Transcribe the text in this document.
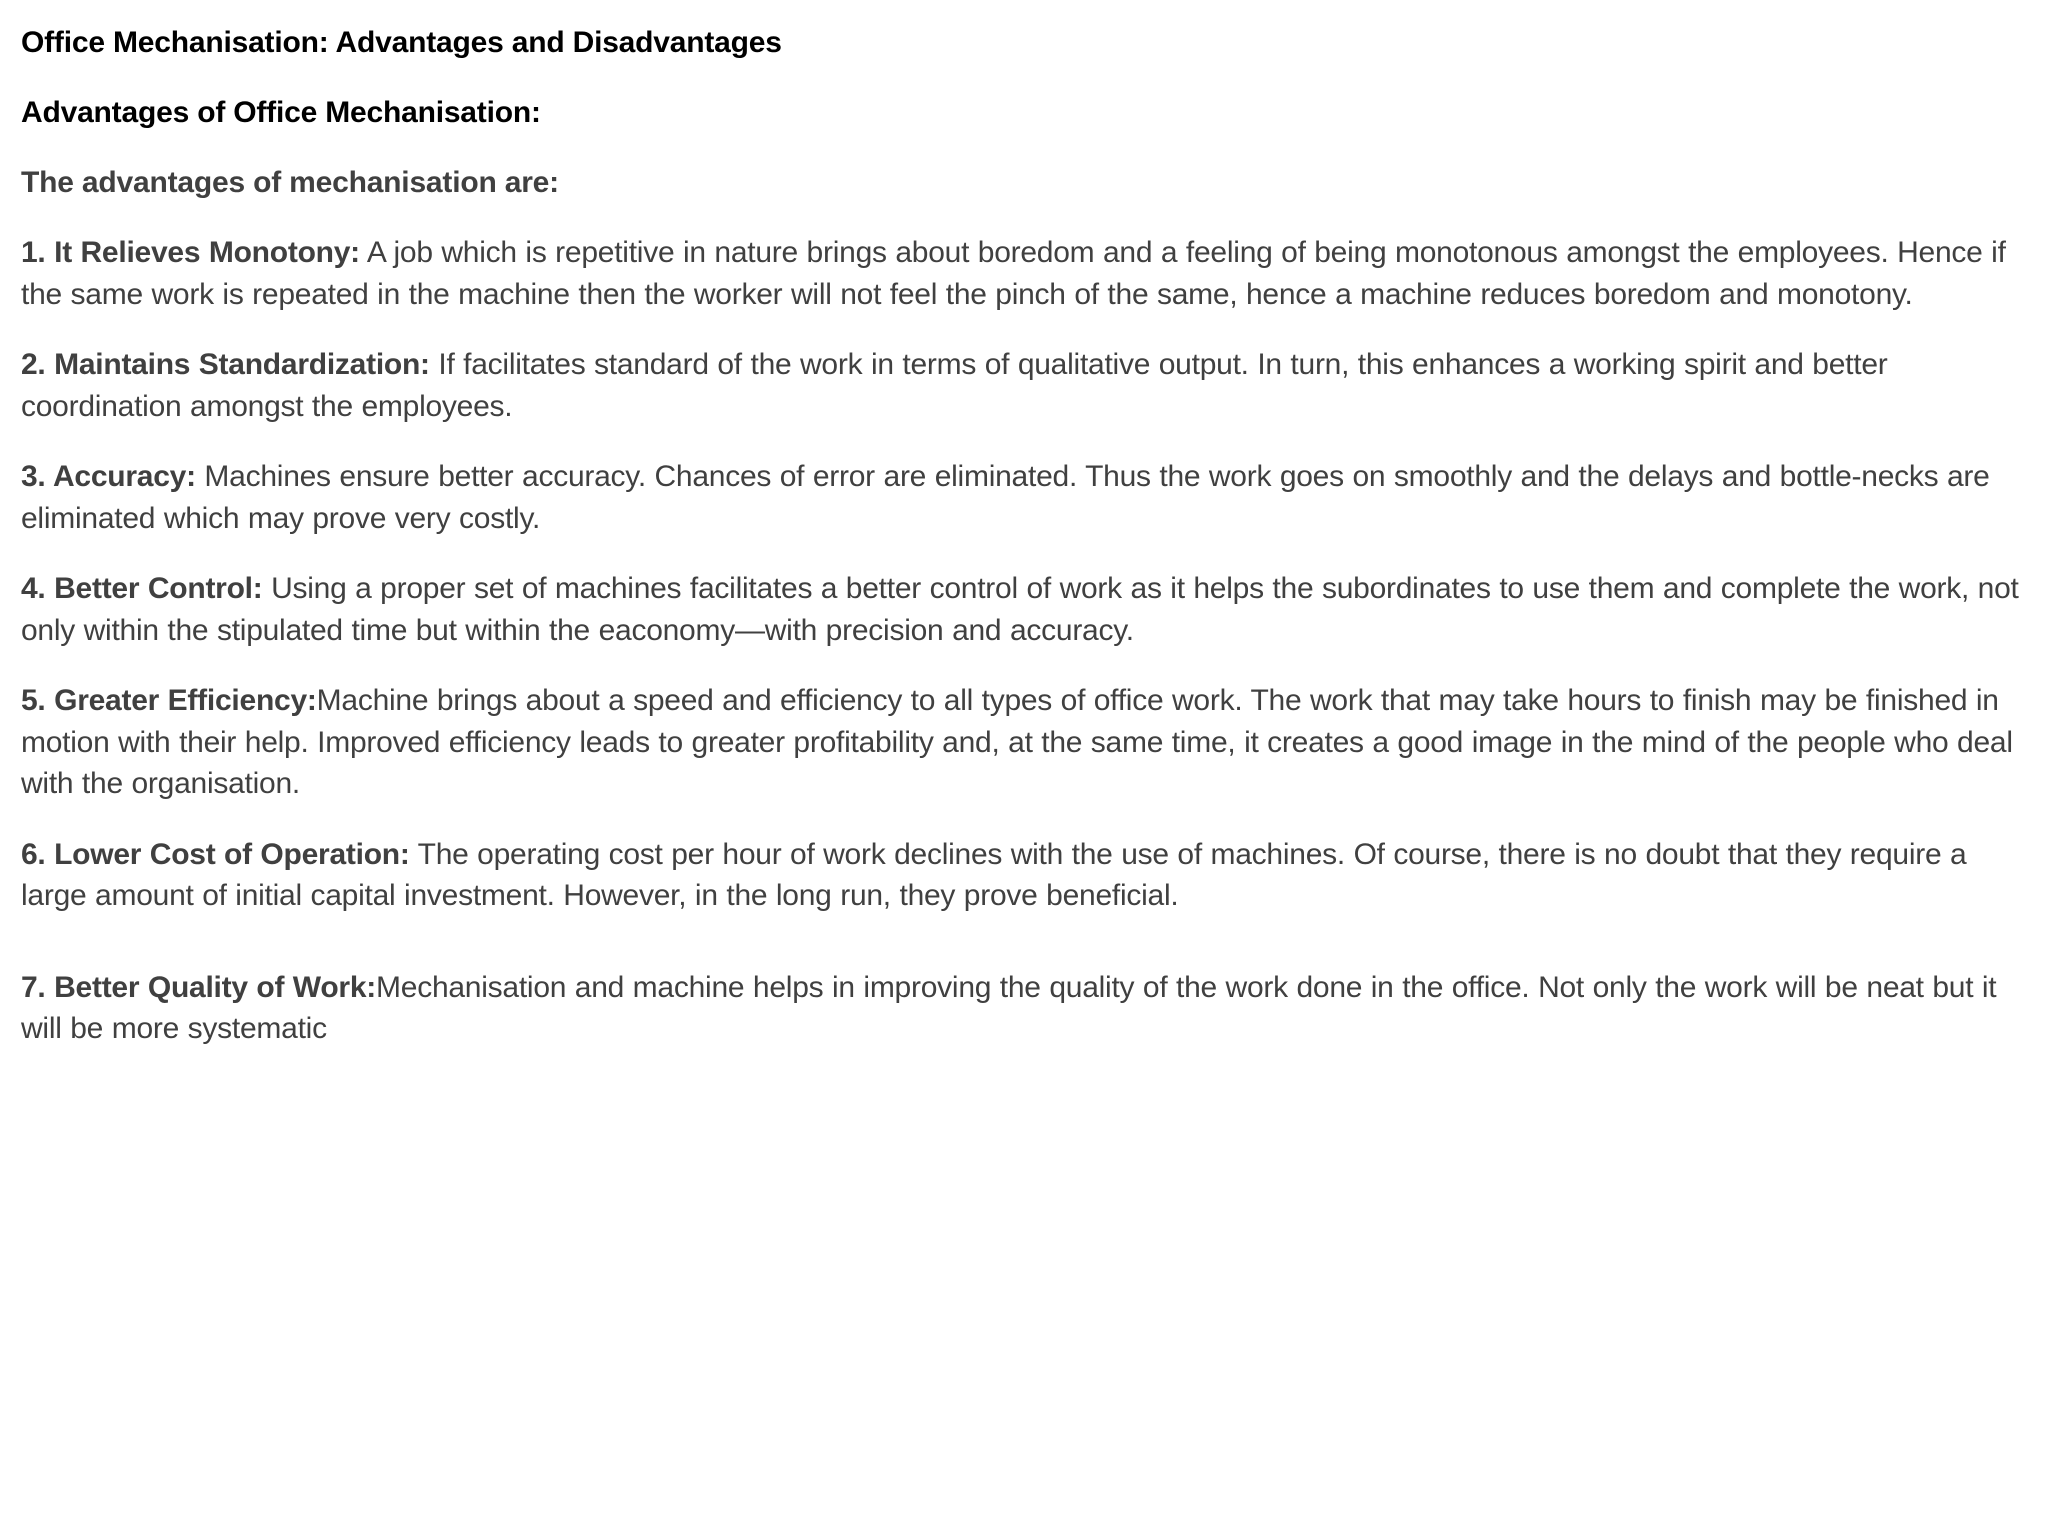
Office Mechanisation: Advantages and Disadvantages

Advantages of Office Mechanisation:

The advantages of mechanisation are:

1. It Relieves Monotony: A job which is repetitive in nature brings about boredom and a feeling of being monotonous amongst the employees. Hence if the same work is repeated in the machine then the worker will not feel the pinch of the same, hence a machine reduces boredom and monotony.

2. Maintains Standardization: If facilitates standard of the work in terms of qualitative output. In turn, this enhances a working spirit and better coordination amongst the employees.

3. Accuracy: Machines ensure better accuracy. Chances of error are eliminated. Thus the work goes on smoothly and the delays and bottle-necks are eliminated which may prove very costly.

4. Better Control: Using a proper set of machines facilitates a better control of work as it helps the subordinates to use them and complete the work, not only within the stipulated time but within the eaconomy—with precision and accuracy.

5. Greater Efficiency:Machine brings about a speed and efficiency to all types of office work. The work that may take hours to finish may be finished in motion with their help. Improved efficiency leads to greater profitability and, at the same time, it creates a good image in the mind of the people who deal with the organisation.

6. Lower Cost of Operation: The operating cost per hour of work declines with the use of machines. Of course, there is no doubt that they require a large amount of initial capital investment. However, in the long run, they prove beneficial.

7. Better Quality of Work:Mechanisation and machine helps in improving the quality of the work done in the office. Not only the work will be neat but it will be more systematic
